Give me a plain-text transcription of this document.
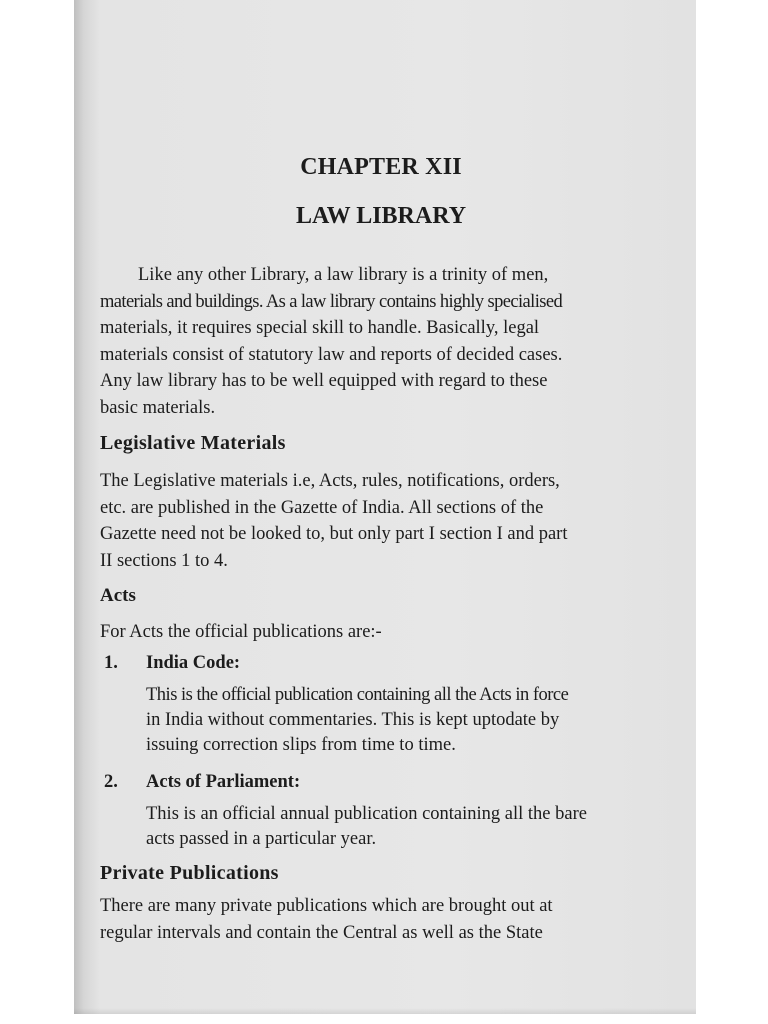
CHAPTER XII
LAW LIBRARY

Like any other Library, a law library is a trinity of men,
materials and buildings. As a law library contains highly specialised
materials, it requires special skill to handle. Basically, legal
materials consist of statutory law and reports of decided cases.
Any law library has to be well equipped with regard to these
basic materials.

Legislative Materials

The Legislative materials i.e, Acts, rules, notifications, orders,
etc. are published in the Gazette of India. All sections of the
Gazette need not be looked to, but only part I section I and part
II sections 1 to 4.

Acts

For Acts the official publications are:-

1. India Code:
This is the official publication containing all the Acts in force
in India without commentaries. This is kept uptodate by
issuing correction slips from time to time.
2. Acts of Parliament:
This is an official annual publication containing all the bare
acts passed in a particular year.
Private Publications

There are many private publications which are brought out at
regular intervals and contain the Central as well as the State
